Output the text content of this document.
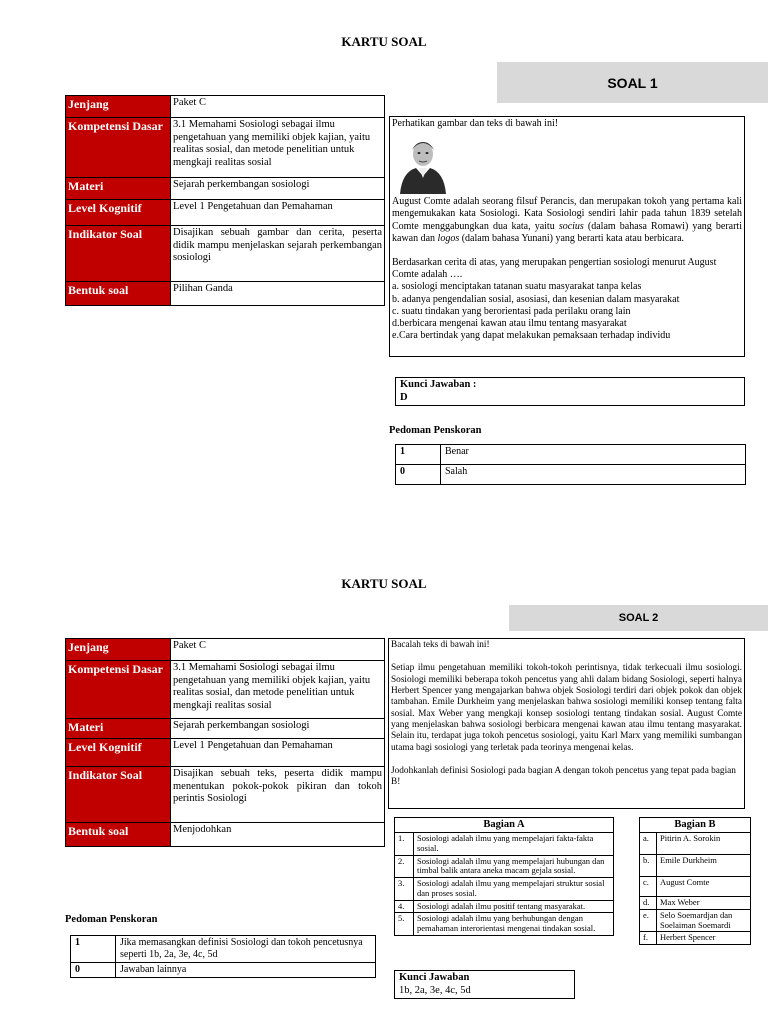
KARTU SOAL
SOAL 1
Jenjang	Paket C
Kompetensi Dasar	3.1 Memahami Sosiologi sebagai ilmu pengetahuan yang memiliki objek kajian, yaitu realitas sosial, dan metode penelitian untuk mengkaji realitas sosial
Materi	Sejarah perkembangan sosiologi
Level Kognitif	Level 1 Pengetahuan dan Pemahaman
Indikator Soal	Disajikan sebuah gambar dan cerita, peserta didik mampu menjelaskan sejarah perkembangan sosiologi
Bentuk soal	Pilihan Ganda

Perhatikan gambar dan teks di bawah ini!

August Comte adalah seorang filsuf Perancis, dan merupakan tokoh yang pertama kali mengemukakan kata Sosiologi. Kata Sosiologi sendiri lahir pada tahun 1839 setelah Comte menggabungkan dua kata, yaitu socius (dalam bahasa Romawi) yang berarti kawan dan logos (dalam bahasa Yunani) yang berarti kata atau berbicara.

Berdasarkan cerita di atas, yang merupakan pengertian sosiologi menurut August Comte adalah ….

a. sosiologi menciptakan tatanan suatu masyarakat tanpa kelas

b. adanya pengendalian sosial, asosiasi, dan kesenian dalam masyarakat

c. suatu tindakan yang berorientasi pada perilaku orang lain

d.berbicara mengenai kawan atau ilmu tentang masyarakat

e.Cara bertindak yang dapat melakukan pemaksaan terhadap individu

Kunci Jawaban :
D
Pedoman Penskoran
1	Benar
0	Salah
KARTU SOAL
SOAL 2
Jenjang	Paket C
Kompetensi Dasar	3.1 Memahami Sosiologi sebagai ilmu pengetahuan yang memiliki objek kajian, yaitu realitas sosial, dan metode penelitian untuk mengkaji realitas sosial
Materi	Sejarah perkembangan sosiologi
Level Kognitif	Level 1 Pengetahuan dan Pemahaman
Indikator Soal	Disajikan sebuah teks, peserta didik mampu menentukan pokok-pokok pikiran dan tokoh perintis Sosiologi
Bentuk soal	Menjodohkan

Bacalah teks di bawah ini!

Setiap ilmu pengetahuan memiliki tokoh-tokoh perintisnya, tidak terkecuali ilmu sosiologi. Sosiologi memiliki beberapa tokoh pencetus yang ahli dalam bidang Sosiologi, seperti halnya Herbert Spencer yang mengajarkan bahwa objek Sosiologi terdiri dari objek pokok dan objek tambahan. Emile Durkheim yang menjelaskan bahwa sosiologi memiliki konsep tentang falta sosial. Max Weber yang mengkaji konsep sosiologi tentang tindakan sosial. August Comte yang menjelaskan bahwa sosiologi berbicara mengenai kawan atau ilmu tentang masyarakat. Selain itu, terdapat juga tokoh pencetus sosiologi, yaitu Karl Marx yang memiliki sumbangan utama bagi sosiologi yang terletak pada teorinya mengenai kelas.

Jodohkanlah definisi Sosiologi pada bagian A dengan tokoh pencetus yang tepat pada bagian B!

Bagian A	
1.	Sosiologi adalah ilmu yang mempelajari fakta-fakta sosial.
2.	Sosiologi adalah ilmu yang mempelajari hubungan dan timbal balik antara aneka macam gejala sosial.
3.	Sosiologi adalah ilmu yang mempelajari struktur sosial dan proses sosial.
4.	Sosiologi adalah ilmu positif tentang masyarakat.
5.	Sosiologi adalah ilmu yang berhubungan dengan pemahaman interorientasi mengenai tindakan sosial.
Bagian B	
a.	Pitirin A. Sorokin
b.	Emile Durkheim
c.	August Comte
d.	Max Weber
e.	Selo Soemardjan dan Soelaiman Soemardi
f.	Herbert Spencer
Pedoman Penskoran
1	Jika memasangkan definisi Sosiologi dan tokoh pencetusnya seperti 1b, 2a, 3e, 4c, 5d
0	Jawaban lainnya
Kunci Jawaban
1b, 2a, 3e, 4c, 5d
